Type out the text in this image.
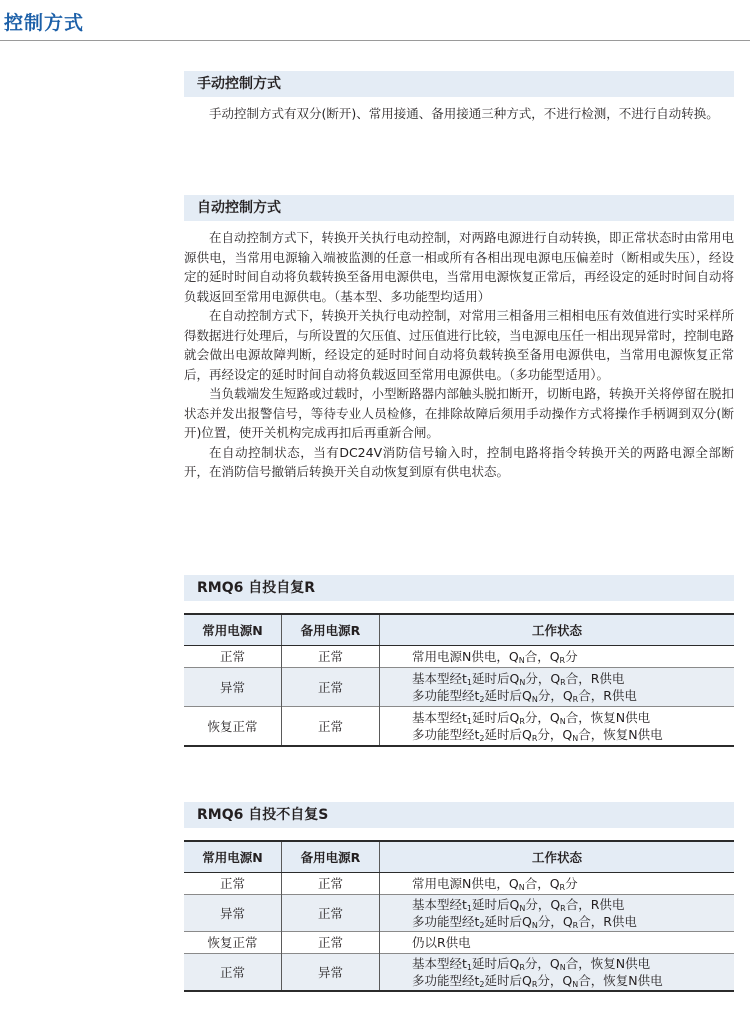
控制方式
手动控制方式

手动控制方式有双分(断开)、常用接通、备用接通三种方式，不进行检测，不进行自动转换。

自动控制方式

在自动控制方式下，转换开关执行电动控制，对两路电源进行自动转换，即正常状态时由常用电源供电，当常用电源输入端被监测的任意一相或所有各相出现电源电压偏差时（断相或失压），经设定的延时时间自动将负载转换至备用电源供电，当常用电源恢复正常后，再经设定的延时时间自动将负载返回至常用电源供电。（基本型、多功能型均适用）

在自动控制方式下，转换开关执行电动控制，对常用三相备用三相相电压有效值进行实时采样所得数据进行处理后，与所设置的欠压值、过压值进行比较，当电源电压任一相出现异常时，控制电路就会做出电源故障判断，经设定的延时时间自动将负载转换至备用电源供电，当常用电源恢复正常后，再经设定的延时时间自动将负载返回至常用电源供电。（多功能型适用）。

当负载端发生短路或过载时，小型断路器内部触头脱扣断开，切断电路，转换开关将停留在脱扣状态并发出报警信号，等待专业人员检修，在排除故障后须用手动操作方式将操作手柄调到双分(断开)位置，使开关机构完成再扣后再重新合闸。

在自动控制状态，当有DC24V消防信号输入时，控制电路将指令转换开关的两路电源全部断开，在消防信号撤销后转换开关自动恢复到原有供电状态。

RMQ6 自投自复R
常用电源N	备用电源R	工作状态
正常	正常	常用电源N供电，$Q_N$合，$Q_R$分

异常	正常	基本型经$t_1$延时后$Q_N$分，$Q_R$合，R供电
多功能型经$t_2$延时后$Q_N$分，$Q_R$合，R供电

恢复正常	正常	基本型经$t_1$延时后$Q_R$分，$Q_N$合，恢复N供电
多功能型经$t_2$延时后$Q_R$分，$Q_N$合，恢复N供电
RMQ6 自投不自复S
常用电源N	备用电源R	工作状态
正常	正常	常用电源N供电，$Q_N$合，$Q_R$分

异常	正常	基本型经$t_1$延时后$Q_N$分，$Q_R$合，R供电
多功能型经$t_2$延时后$Q_N$分，$Q_R$合，R供电

恢复正常	正常	仍以R供电

正常	异常	基本型经$t_1$延时后$Q_R$分，$Q_N$合，恢复N供电
多功能型经$t_2$延时后$Q_R$分，$Q_N$合，恢复N供电
